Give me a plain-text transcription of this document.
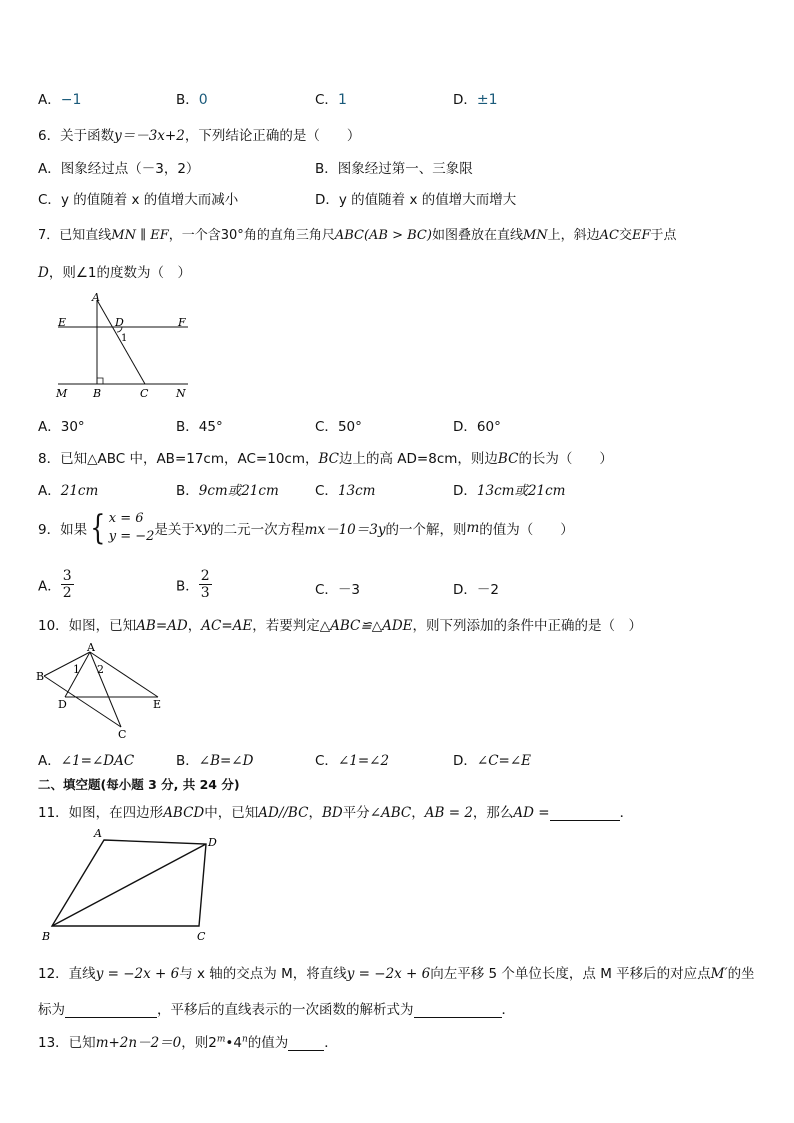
A．−1	B．0	C．1	D．±1
6．关于函数y＝－3x+2，下列结论正确的是（　　）
A．图象经过点（－3，2）	B．图象经过第一、三象限
C．y 的值随着 x 的值增大而减小	D．y 的值随着 x 的值增大而增大
7．已知直线MN ∥ EF，一个含30°角的直角三角尺ABC(AB > BC)如图叠放在直线MN上，斜边AC交EF于点
D，则∠1的度数为（　）
A
D
E	F
1
M B	C	N
A．30°	B．45°	C．50°	D．60°
8．已知△ABC 中，AB=17cm，AC=10cm，BC边上的高 AD=8cm，则边BC的长为（　　）
A．21cm	B．9cm或21cm	C．13cm	D．13cm或21cm
9．如果{ x = 6
y = −2 是关于xy的二元一次方程mx－10＝3y的一个解，则m的值为（　　）
A． $\frac{3}{2}$	B． $\frac{2}{3}$	C．－3	D．－2
10．如图，已知AB=AD，AC=AE，若要判定△ABC≌△ADE，则下列添加的条件中正确的是（　）
A
B
1 2
D	E
C
A．∠1=∠DAC	B．∠B=∠D	C．∠1=∠2	D．∠C=∠E
二、填空题(每小题 3 分, 共 24 分)
11．如图，在四边形ABCD中，已知AD//BC，BD平分∠ABC，AB = 2，那么AD =	．
A
D
B	C
12．直线y = −2x + 6与 x 轴的交点为 M，将直线y = −2x + 6向左平移 5 个单位长度，点 M 平移后的对应点M′的坐
标为	，平移后的直线表示的一次函数的解析式为	．
13．已知m+2n－2＝0，则2$^m$•4$^n$的值为	．
